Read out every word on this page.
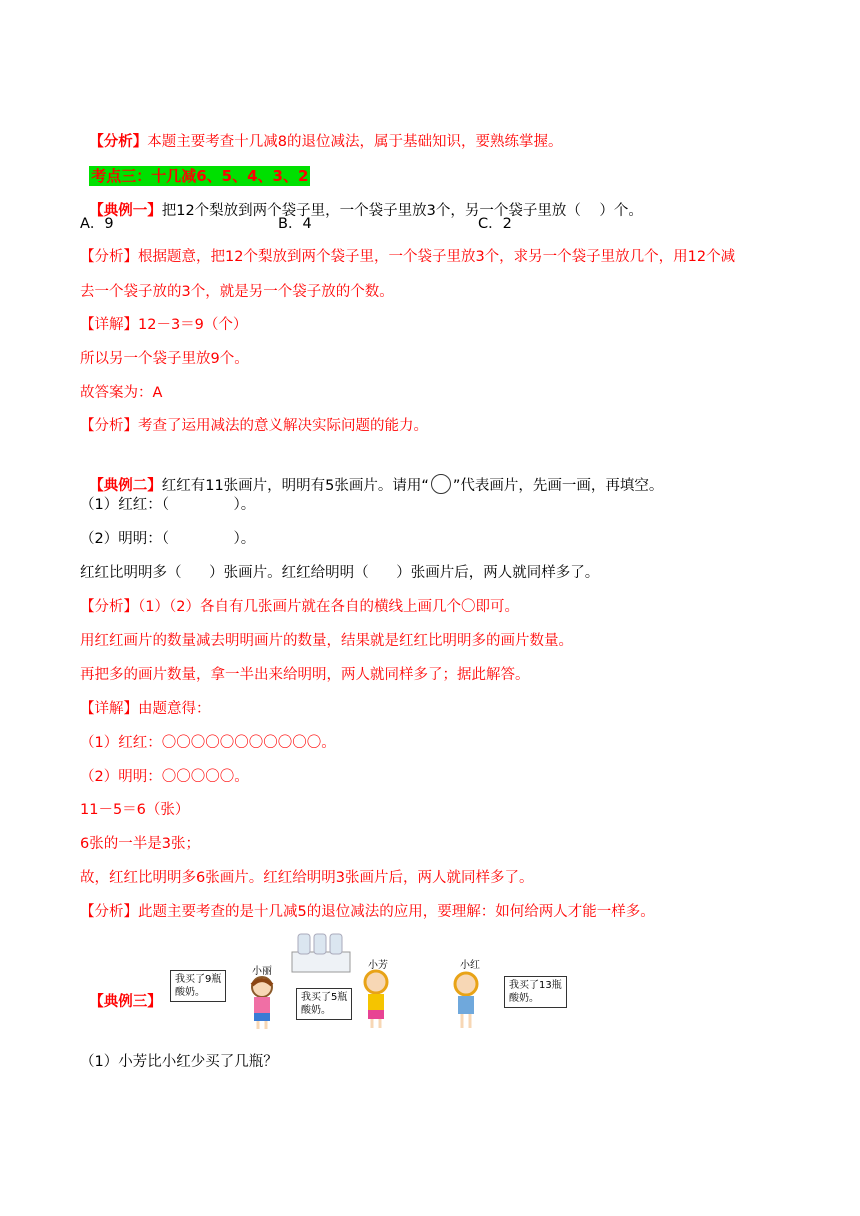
【分析】本题主要考查十几减8的退位减法，属于基础知识，要熟练掌握。

考点三：十几减6、5、4、3、2

【典例一】把12个梨放到两个袋子里，一个袋子里放3个，另一个袋子里放（    ）个。

A．9	B．4	C．2
【分析】根据题意，把12个梨放到两个袋子里，一个袋子里放3个，求另一个袋子里放几个，用12个减
去一个袋子放的3个，就是另一个袋子放的个数。
【详解】12－3＝9（个）
所以另一个袋子里放9个。
故答案为：A
【分析】考查了运用减法的意义解决实际问题的能力。

【典例二】红红有11张画片，明明有5张画片。请用“ ”代表画片，先画一画，再填空。

（1）红红：（              ）。
（2）明明：（              ）。
红红比明明多（      ）张画片。红红给明明（      ）张画片后，两人就同样多了。
【分析】（1）（2）各自有几张画片就在各自的横线上画几个〇即可。
用红红画片的数量减去明明画片的数量，结果就是红红比明明多的画片数量。
再把多的画片数量，拿一半出来给明明，两人就同样多了；据此解答。
【详解】由题意得：
（1）红红：〇〇〇〇〇〇〇〇〇〇〇。
（2）明明：〇〇〇〇〇。
11－5＝6（张）
6张的一半是3张；
故，红红比明明多6张画片。红红给明明3张画片后，两人就同样多了。
【分析】此题主要考查的是十几减5的退位减法的应用，要理解：如何给两人才能一样多。

【典例三】

小丽
我买了9瓶
酸奶。
小芳
我买了5瓶
酸奶。
小红
我买了13瓶
酸奶。
（1）小芳比小红少买了几瓶？
